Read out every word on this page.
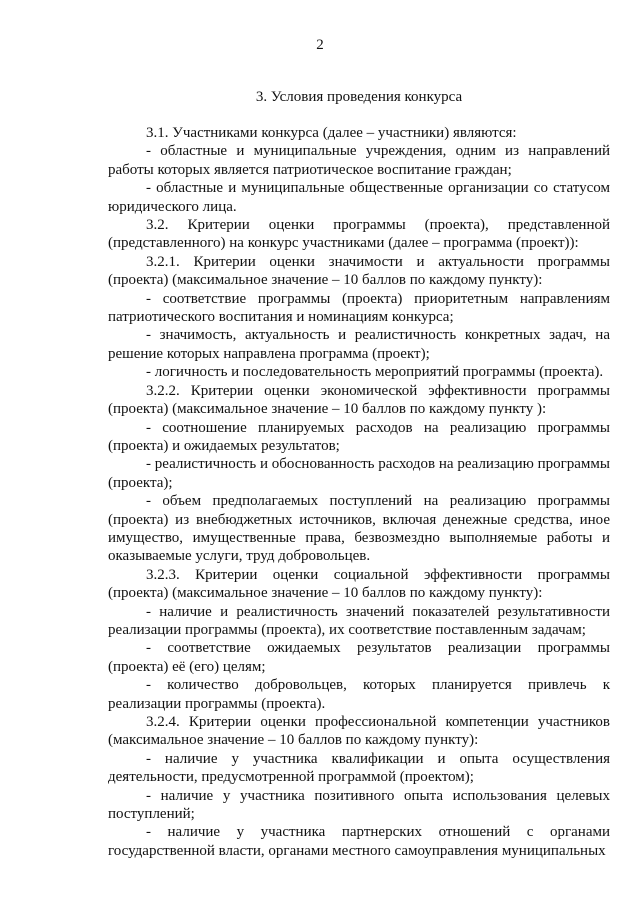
2
3. Условия проведения конкурса

3.1. Участниками конкурса (далее – участники) являются:

- областные и муниципальные учреждения, одним из направлений работы которых является патриотическое воспитание граждан;

- областные и муниципальные общественные организации со статусом юридического лица.

3.2. Критерии оценки программы (проекта), представленной (представленного) на конкурс участниками (далее – программа (проект)):

3.2.1. Критерии оценки значимости и актуальности программы (проекта) (максимальное значение – 10 баллов по каждому пункту):

- соответствие программы (проекта) приоритетным направлениям патриотического воспитания и номинациям конкурса;

- значимость, актуальность и реалистичность конкретных задач, на решение которых направлена программа (проект);

- логичность и последовательность мероприятий программы (проекта).

3.2.2. Критерии оценки экономической эффективности программы (проекта) (максимальное значение – 10 баллов по каждому пункту ):

- соотношение планируемых расходов на реализацию программы (проекта) и ожидаемых результатов;

- реалистичность и обоснованность расходов на реализацию программы (проекта);

- объем предполагаемых поступлений на реализацию программы (проекта) из внебюджетных источников, включая денежные средства, иное имущество, имущественные права, безвозмездно выполняемые работы и оказываемые услуги, труд добровольцев.

3.2.3. Критерии оценки социальной эффективности программы (проекта) (максимальное значение – 10 баллов по каждому пункту):

- наличие и реалистичность значений показателей результативности реализации программы (проекта), их соответствие поставленным задачам;

- соответствие ожидаемых результатов реализации программы (проекта) её (его) целям;

- количество добровольцев, которых планируется привлечь к реализации программы (проекта).

3.2.4. Критерии оценки профессиональной компетенции участников (максимальное значение – 10 баллов по каждому пункту):

- наличие у участника квалификации и опыта осуществления деятельности, предусмотренной программой (проектом);

- наличие у участника позитивного опыта использования целевых поступлений;

- наличие у участника партнерских отношений с органами государственной власти, органами местного самоуправления муниципальных
